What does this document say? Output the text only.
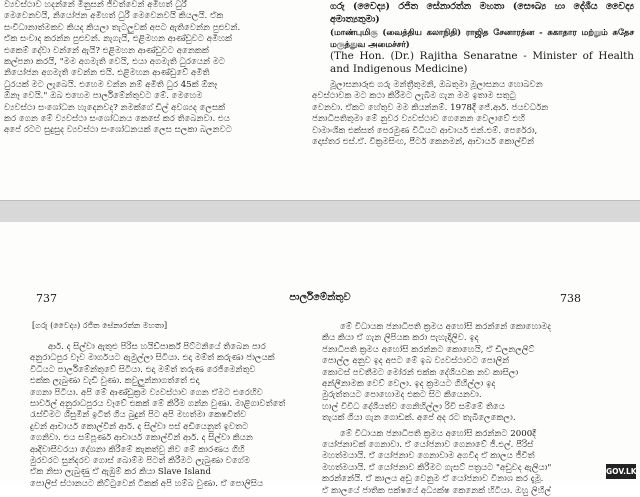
ව්‍යවස්ථාව හදන්නේ මිනුසන් ජීවත්වෙන් අමිහත් ධුරී

මෙවෙනවයි, නියෝජන අමිහත් ධුරී මෙවෙනවයි කියලයි. ඒක

සංවිධානාත්මකව කියද කියලා තැටලුවක් අපට ඇතිවෙන්න පුළුවන්.

ඒක සංවාද කරන්න පුළුවන්. නැගැයි, එළිමහන ආණ්ඩුවට අමිහක්

එකෙම් දේවා වන්නේ ඇයි? එළිමහන ආණ්ඩුවට අනෙකක්

කල්පනා කරයි, "මම අගමැති වෙයි, එයා අගමැති ධුරයෙන් මට

නියෝජන අගමැති වෙන්න එයි. එළිමහන ආණ්ඩුවේ අමිති

ධුරයක් මට ලැබෙයි. එහෙම වන්න නම් අමිති ධුර 45ක් ඕනෑ

ඕනෑ වෙයි." ඔබ එහෙම පාර්ලිමේන්තුවට මේ. මෙහෙම

ව්‍යවස්ථා සංශෝධන හැදෙනවද? නමක්ගේ ඩිල් අවශ්‍යද ලෙසක්

කර ගෙන මේ ව්‍යවස්ථා සංශෝධනය කෙසේ කර තිබෙනවා. එය

අපේ රටට සුදුසුද ව්‍යවස්ථා සංශෝධනයක් ලෙස සලකා බලනවට

ගරු (වෛද්‍ය) රජිත සේනාරත්න මහතා (සෞඛ්‍ය හා දේශීය වෛද්‍ය අමාත්‍යතුමා)

(மாண்புமிகு (வைத்திய கலாநிதி) ராஜித சேனாரத்ன - சுகாதார மற்றும் சுதேச மருத்துவ அமைச்சர்)

(The Hon. (Dr.) Rajitha Senaratne - Minister of Health and Indigenous Medicine)

මූලාසනාරූඪ ගරු මන්ත්‍රීතුමනි, ඔබතුමා මූලාසනය හොබවන

අවස්ථාවක මට කථා කිරීමට ලැබීම ගැන මම ඉතාම සතුටු

වෙනවා. ඒකට හේතුව මම කියන්නම්. 1978දී ජේ.ආර්. ජයවර්ධන

ජනාධිපතිතුමා මේ නුවර ව්‍යවස්ථාව ගෙනෙන වෙලාවේ එහි

වාමාංශික එක්සත් පෙරමුණ විධියට ආචාර්ය එන්.එම්. පෙරේරා,

දොස්තර එස්.ඒ. වික්‍රමසිංහ, පීටර් කෙනමන්, ආචාර්ය කොල්වින්

737	පාර්ලිමේන්තුව	738
[ගරු (වෛද්‍ය) රජිත සේනාරත්න මහතා]

ආර්. ද සිල්වා ඇතුළු පිරිස හයිඩ්පාර්ක් පිට්ටනියේ තිබෙන පාර

අනුරාධපුර වෑව මාර්ගයට ඇමුල්ලා සිටියා. එදා මම්ත් කරුණා ජාලයක්

විධියට පාර්ලිමේන්තුවේ සිටියා. එදා මම්ත් තරුණ රෙජිමෙන්තුව

එක්ක ලැබුණා වැඩි වුණා. කවුලුන්නාගත්තේ එදා

ගෙනා පිටියා. අපි මේ ආණ්ඩුක්‍රම ව්‍යවස්ථාව ගෙන ඒමට එරෙහිව

සාර්වල් අනුරාධපුරය වෑවේ එකක් මේ කිරීම ගන්න වුණා. මාළිගාවත්තේ

රැස්වීමට ශීසුමින් ඉටිත් ගිය බුදුන් පිට අපි මහත්මා කෙෂවිත්ව

දුවන් ආචාර්ය කොල්වින් ආර්. ද සිල්වා පස් අඩියෙනුත් ඉවතට

ගෙනිවා. එය සම්පූර්ණ ආචාර්ය කොල්වින් ආර්. ද සිල්වා කියන

ආදිවාසීවරයා දේශනා කිරීමේ කැකත්වු නිව මේ කාරණය ගිහි

මුරවරට සුන්දරව ගොස් බොම්ම පිටත් කිරීමට ලැබුණා වගේම

ඒක නිසා ලැබුණු ඒ ඇඹුම් කර කියා Slave Island

පොලිස් ස්ථානයට කිට්ටුවෙන් ටිකක් අපි හම්බ වුණා. ඒ පොලිසිය

මේ විධායක ජනාධිපති ක්‍රමය අහෝසි කරන්නේ කොහොමද

කිය කියා ඒ ගැන ලිපියක කරා පැහැදිලිව. ඉද

ජනාධිපති ක්‍රමය අහෝසි කරන්නට කොහෙයි, ඒ ඩිලනලලිට්

පොල්ල අනුව ඉද අපට මේ ඉබ ව්‍යවස්ථාවට පොලින්

කොටස් පවතීමට මෝරන් එක්ක දේශීයවක නව කාසිලා

අන්ලීනාමක වෙව් වෙලා. ඉද ක්‍රමයට ගිහිල්ලා ඉද

මුරුත්තයට පොහොමද එකට සිට කියෙනවා.

හාල් විවිධ දේශීයත්ව ගෙනිහිල්ලා රිවි සම්මේ තියෙ

තැයක් ගියා ගැන ගොඩක්. අපේ අද රට තැබිලෙකෙලා.

මේ විධායක ජනාධිපති ක්‍රමය අහෝසි කරන්නට 2000දී

යෝජනාවක් ගෙනාවා. ඒ යෝජනාව ගෙනාවේ ජී.එල්. පීරිස්

මහත්මයායි. ඒ යෝජනාව ගෙනාවාම අගවීද ඒ කාලය ජීවිත්

මහත්මයායි. ඒ යෝජනාව කිරීමට ගැසට් පත්‍රයට "අඩුවද ඇලියා"

කරන්නේයි. ඒ කාලය අඩු වෙනුම ඒ යෝජනාව විනාශ කර දැමූ.

ඒ කාලයේ ජාතික පක්ෂයේ අධ්‍යක්ෂ කෙනෙක් හිටියා. ඔහු ලිහිල්

GOV.LK
